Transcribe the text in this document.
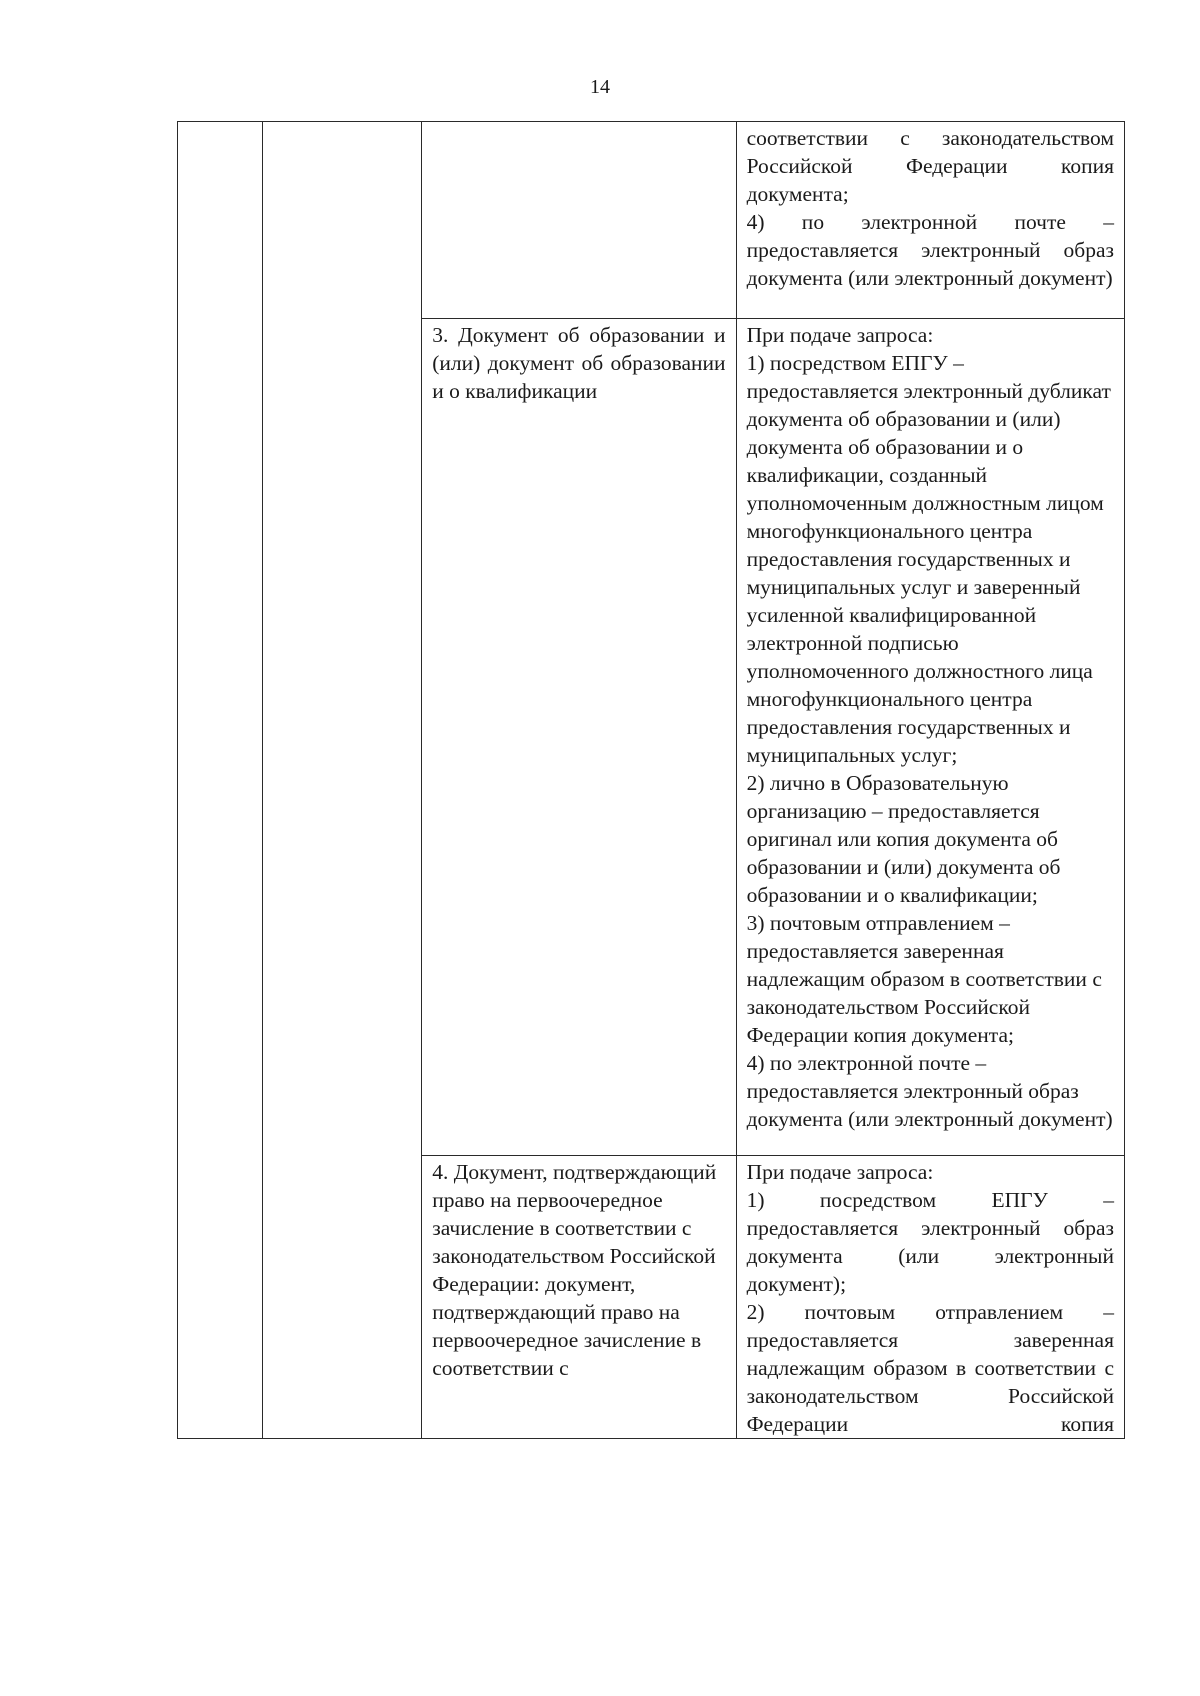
14

			соответствии с законодательством Российской Федерации копия документа;

4) по электронной почте – предоставляется электронный образ документа (или электронный документ)

		3. Документ об образовании и (или) документ об образовании и о квалификации	При подаче запроса:

1) посредством ЕПГУ – предоставляется электронный дубликат документа об образовании и (или) документа об образовании и о квалификации, созданный уполномоченным должностным лицом многофункционального центра предоставления государственных и муниципальных услуг и заверенный усиленной квалифицированной электронной подписью уполномоченного должностного лица многофункционального центра предоставления государственных и муниципальных услуг;

2) лично в Образовательную организацию – предоставляется оригинал или копия документа об образовании и (или) документа об образовании и о квалификации;

3) почтовым отправлением – предоставляется заверенная надлежащим образом в соответствии с законодательством Российской Федерации копия документа;

4) по электронной почте – предоставляется электронный образ документа (или электронный документ)

		4. Документ, подтверждающий право на первоочередное зачисление в соответствии с законодательством Российской Федерации: документ, подтверждающий право на первоочередное зачисление в соответствии с	При подаче запроса:

1) посредством ЕПГУ – предоставляется электронный образ документа (или электронный документ);

2) почтовым отправлением – предоставляется заверенная надлежащим образом в соответствии с законодательством Российской Федерации копия
